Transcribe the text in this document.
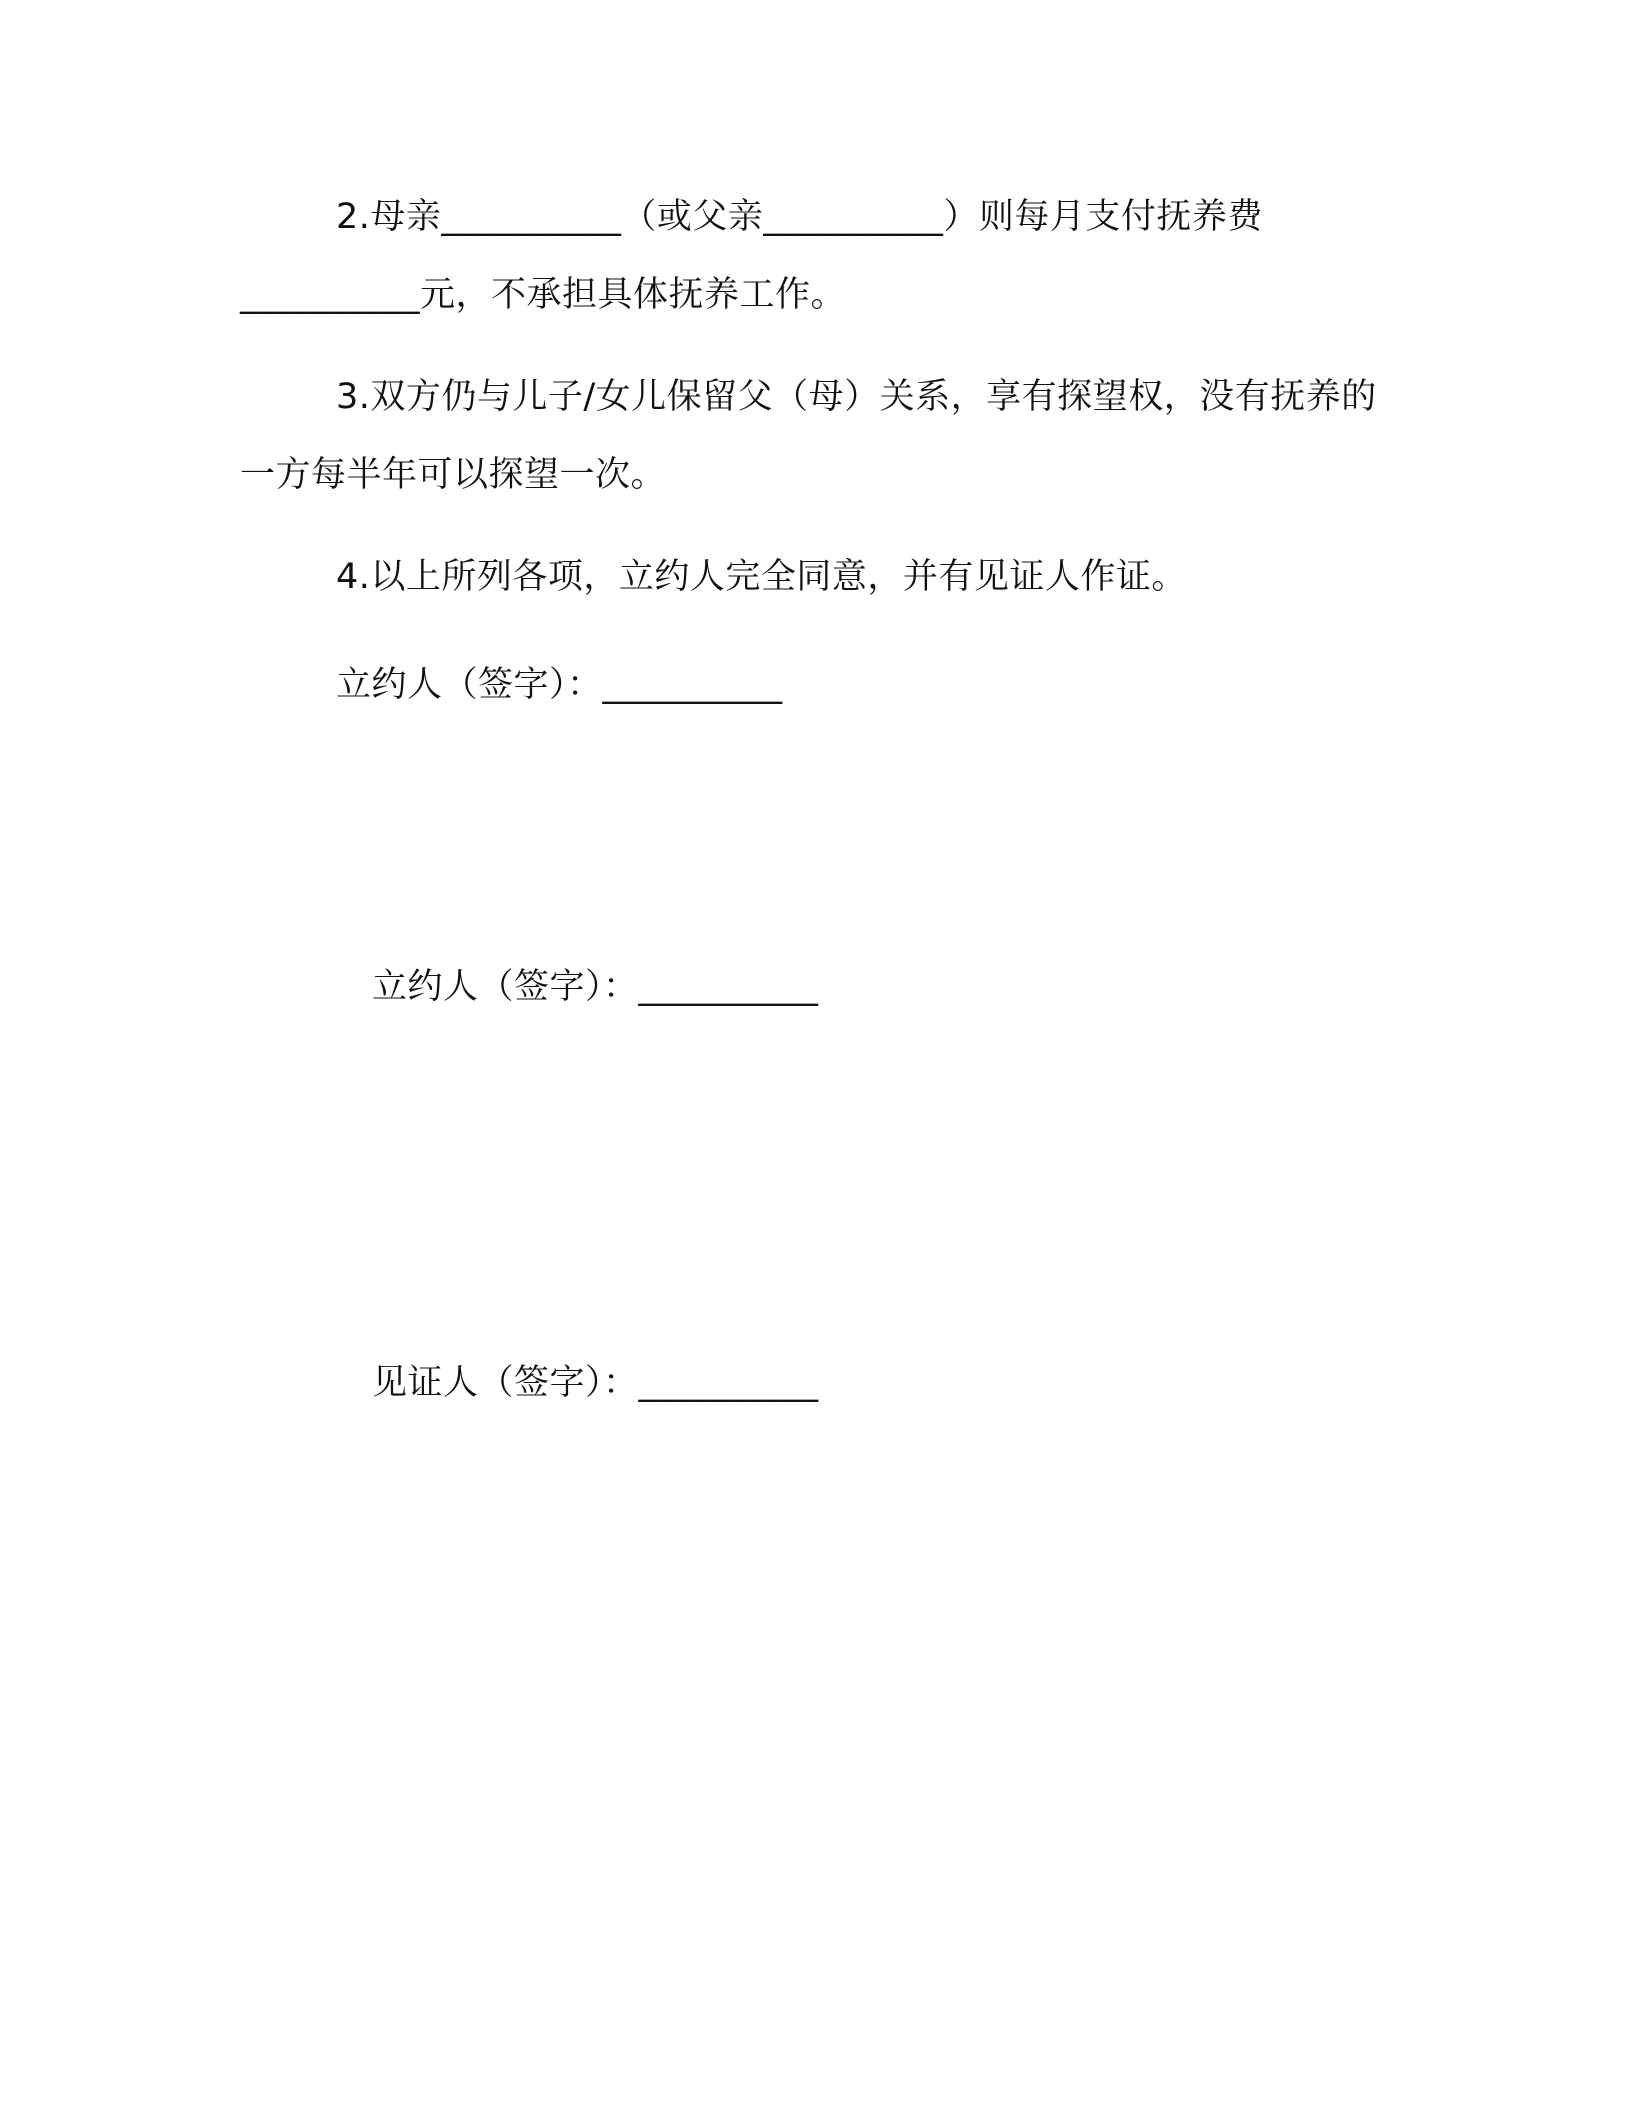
2.母亲__________（或父亲__________）则每月支付抚养费__________元，不承担具体抚养工作。

3.双方仍与儿子/女儿保留父（母）关系，享有探望权，没有抚养的一方每半年可以探望一次。

4.以上所列各项，立约人完全同意，并有见证人作证。

立约人（签字）：__________
立约人（签字）：__________
见证人（签字）：__________
